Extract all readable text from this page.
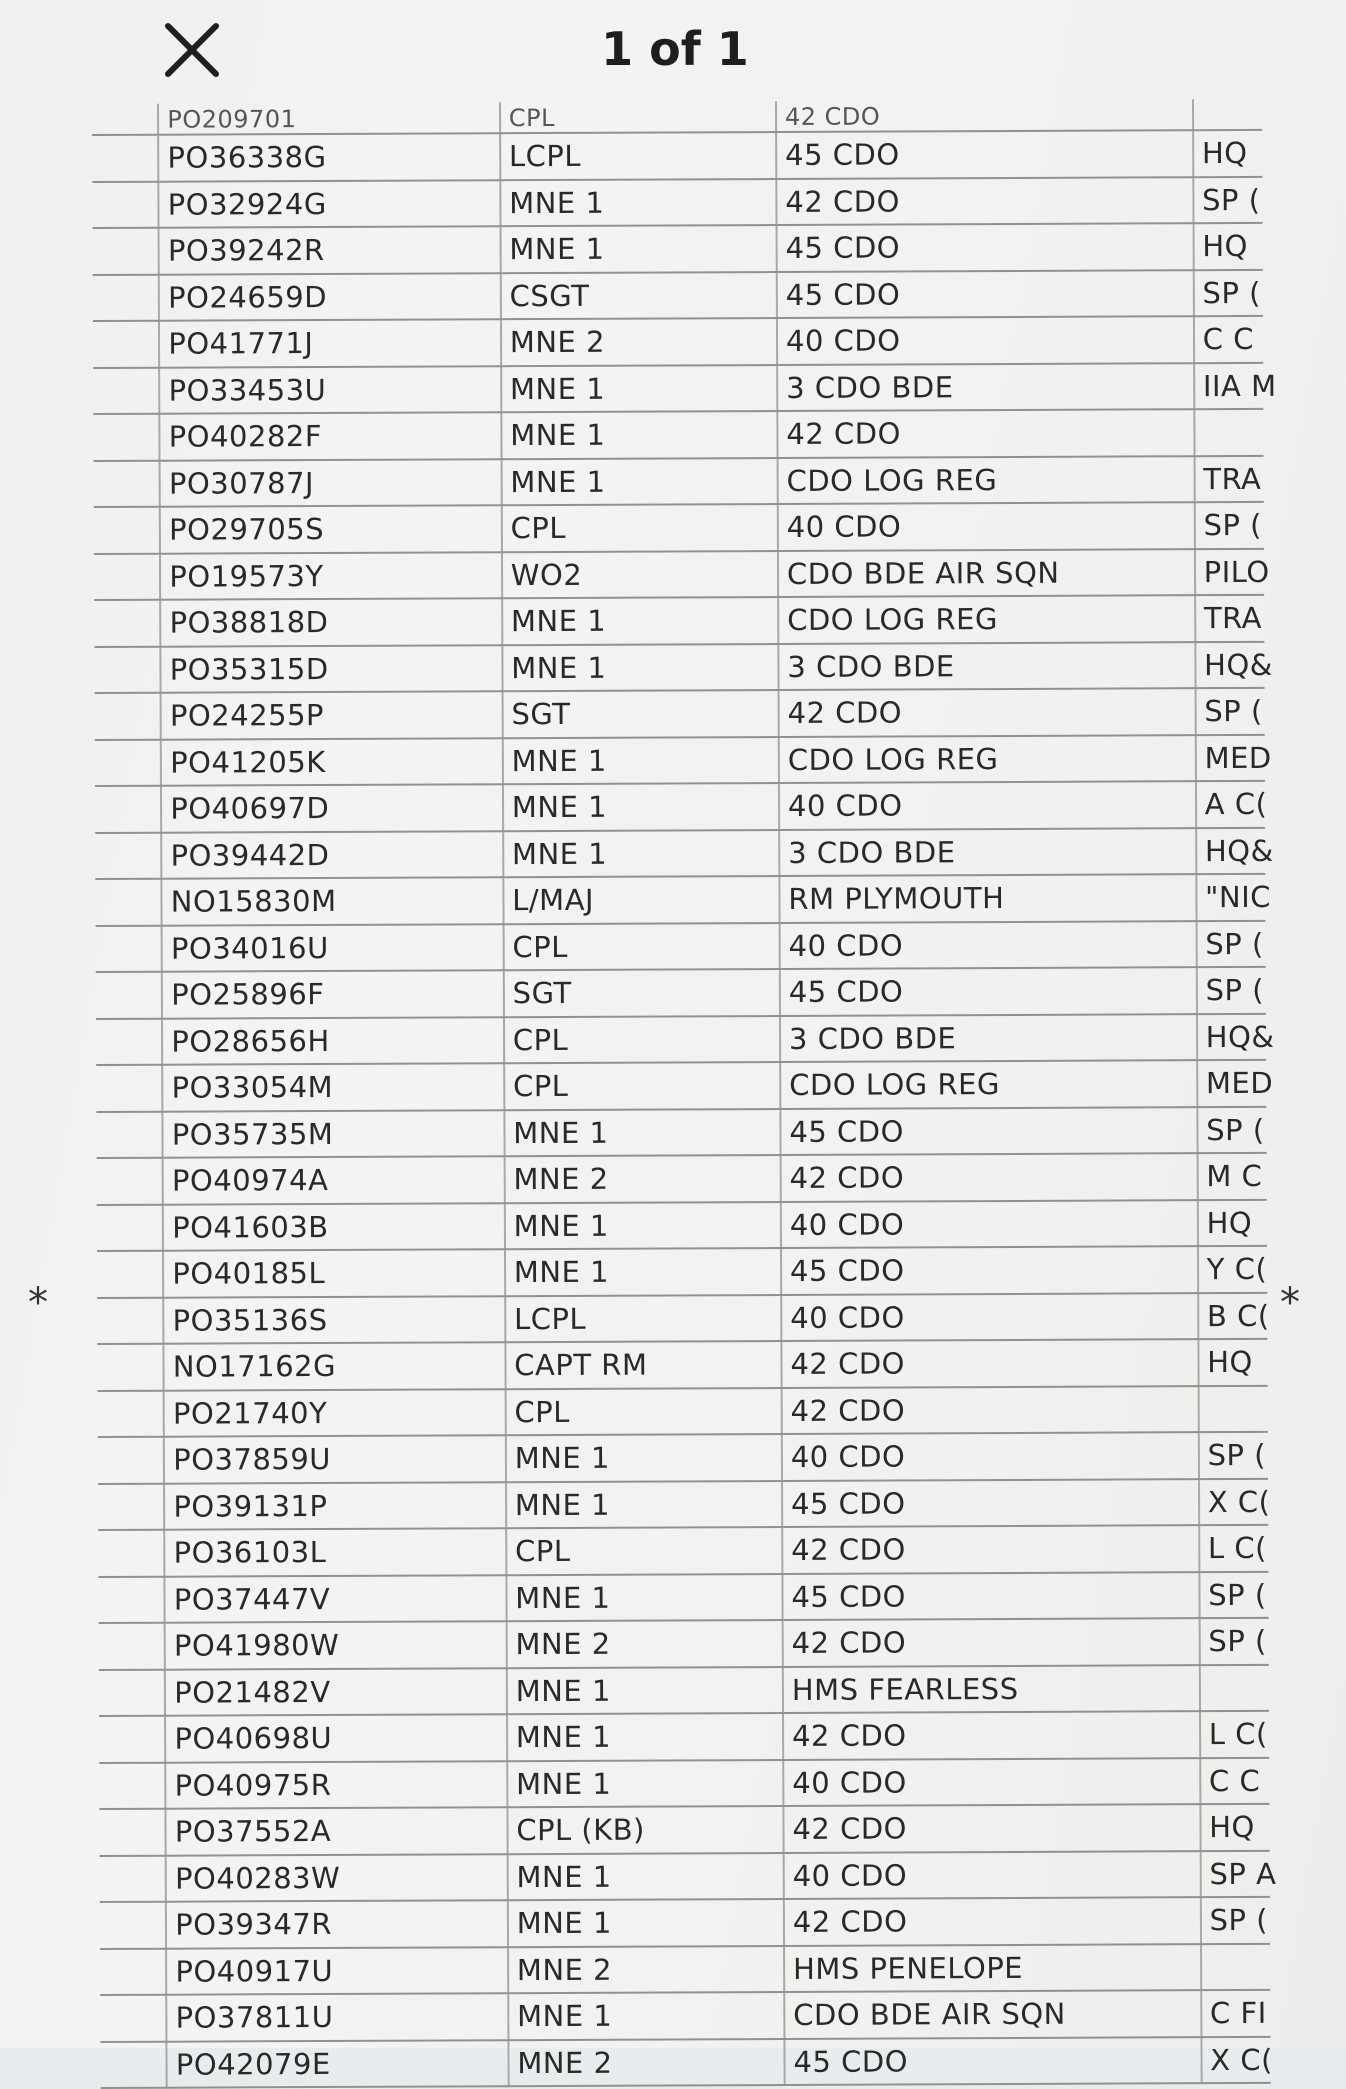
1 of 1
	PO209701	CPL	42 CDO	
	PO36338G	LCPL	45 CDO	HQ
	PO32924G	MNE 1	42 CDO	SP (
	PO39242R	MNE 1	45 CDO	HQ
	PO24659D	CSGT	45 CDO	SP (
	PO41771J	MNE 2	40 CDO	C C
	PO33453U	MNE 1	3 CDO BDE	IIA M
	PO40282F	MNE 1	42 CDO	
	PO30787J	MNE 1	CDO LOG REG	TRA
	PO29705S	CPL	40 CDO	SP (
	PO19573Y	WO2	CDO BDE AIR SQN	PILO
	PO38818D	MNE 1	CDO LOG REG	TRA
	PO35315D	MNE 1	3 CDO BDE	HQ&
	PO24255P	SGT	42 CDO	SP (
	PO41205K	MNE 1	CDO LOG REG	MED
	PO40697D	MNE 1	40 CDO	A C(
	PO39442D	MNE 1	3 CDO BDE	HQ&
	NO15830M	L/MAJ	RM PLYMOUTH	"NIC
	PO34016U	CPL	40 CDO	SP (
	PO25896F	SGT	45 CDO	SP (
	PO28656H	CPL	3 CDO BDE	HQ&
	PO33054M	CPL	CDO LOG REG	MED
	PO35735M	MNE 1	45 CDO	SP (
	PO40974A	MNE 2	42 CDO	M C
	PO41603B	MNE 1	40 CDO	HQ
	PO40185L	MNE 1	45 CDO	Y C(
	PO35136S	LCPL	40 CDO	B C(
	NO17162G	CAPT RM	42 CDO	HQ
	PO21740Y	CPL	42 CDO	
	PO37859U	MNE 1	40 CDO	SP (
	PO39131P	MNE 1	45 CDO	X C(
	PO36103L	CPL	42 CDO	L C(
	PO37447V	MNE 1	45 CDO	SP (
	PO41980W	MNE 2	42 CDO	SP (
	PO21482V	MNE 1	HMS FEARLESS	
	PO40698U	MNE 1	42 CDO	L C(
	PO40975R	MNE 1	40 CDO	C C
	PO37552A	CPL (KB)	42 CDO	HQ
	PO40283W	MNE 1	40 CDO	SP A
	PO39347R	MNE 1	42 CDO	SP (
	PO40917U	MNE 2	HMS PENELOPE	
	PO37811U	MNE 1	CDO BDE AIR SQN	C FI
	PO42079E	MNE 2	45 CDO	X C(
*	*
